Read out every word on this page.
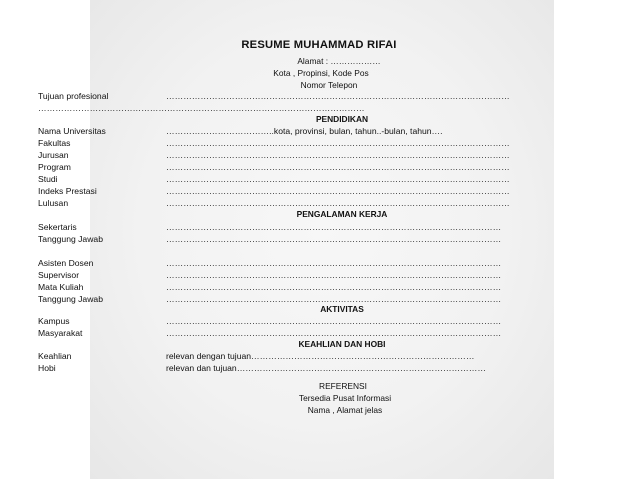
RESUME MUHAMMAD RIFAI
Alamat : ………………
Kota , Propinsi, Kode Pos
Nomor Telepon
Tujuan profesional	…………………………………………………………………………………………………………
……………………………………………………………………………………………………
PENDIDIKAN
Nama Universitas	………………………………..kota, provinsi, bulan, tahun..-bulan, tahun….
Fakultas	…………………………………………………………………………………………………………
Jurusan	…………………………………………………………………………………………………………
Program	…………………………………………………………………………………………………………
Studi	…………………………………………………………………………………………………………
Indeks Prestasi	…………………………………………………………………………………………………………
Lulusan	…………………………………………………………………………………………………………
PENGALAMAN KERJA
Sekertaris	………………………………………………………………………………………………………
Tanggung Jawab	………………………………………………………………………………………………………
Asisten Dosen	………………………………………………………………………………………………………
Supervisor	………………………………………………………………………………………………………
Mata Kuliah	………………………………………………………………………………………………………
Tanggung Jawab	………………………………………………………………………………………………………
AKTIVITAS
Kampus	………………………………………………………………………………………………………
Masyarakat	………………………………………………………………………………………………………
KEAHLIAN DAN HOBI
Keahlian	relevan dengan tujuan……………………………………………………………………
Hobi	relevan dan tujuan……………………………………………………………………………
REFERENSI
Tersedia Pusat Informasi
Nama , Alamat jelas
